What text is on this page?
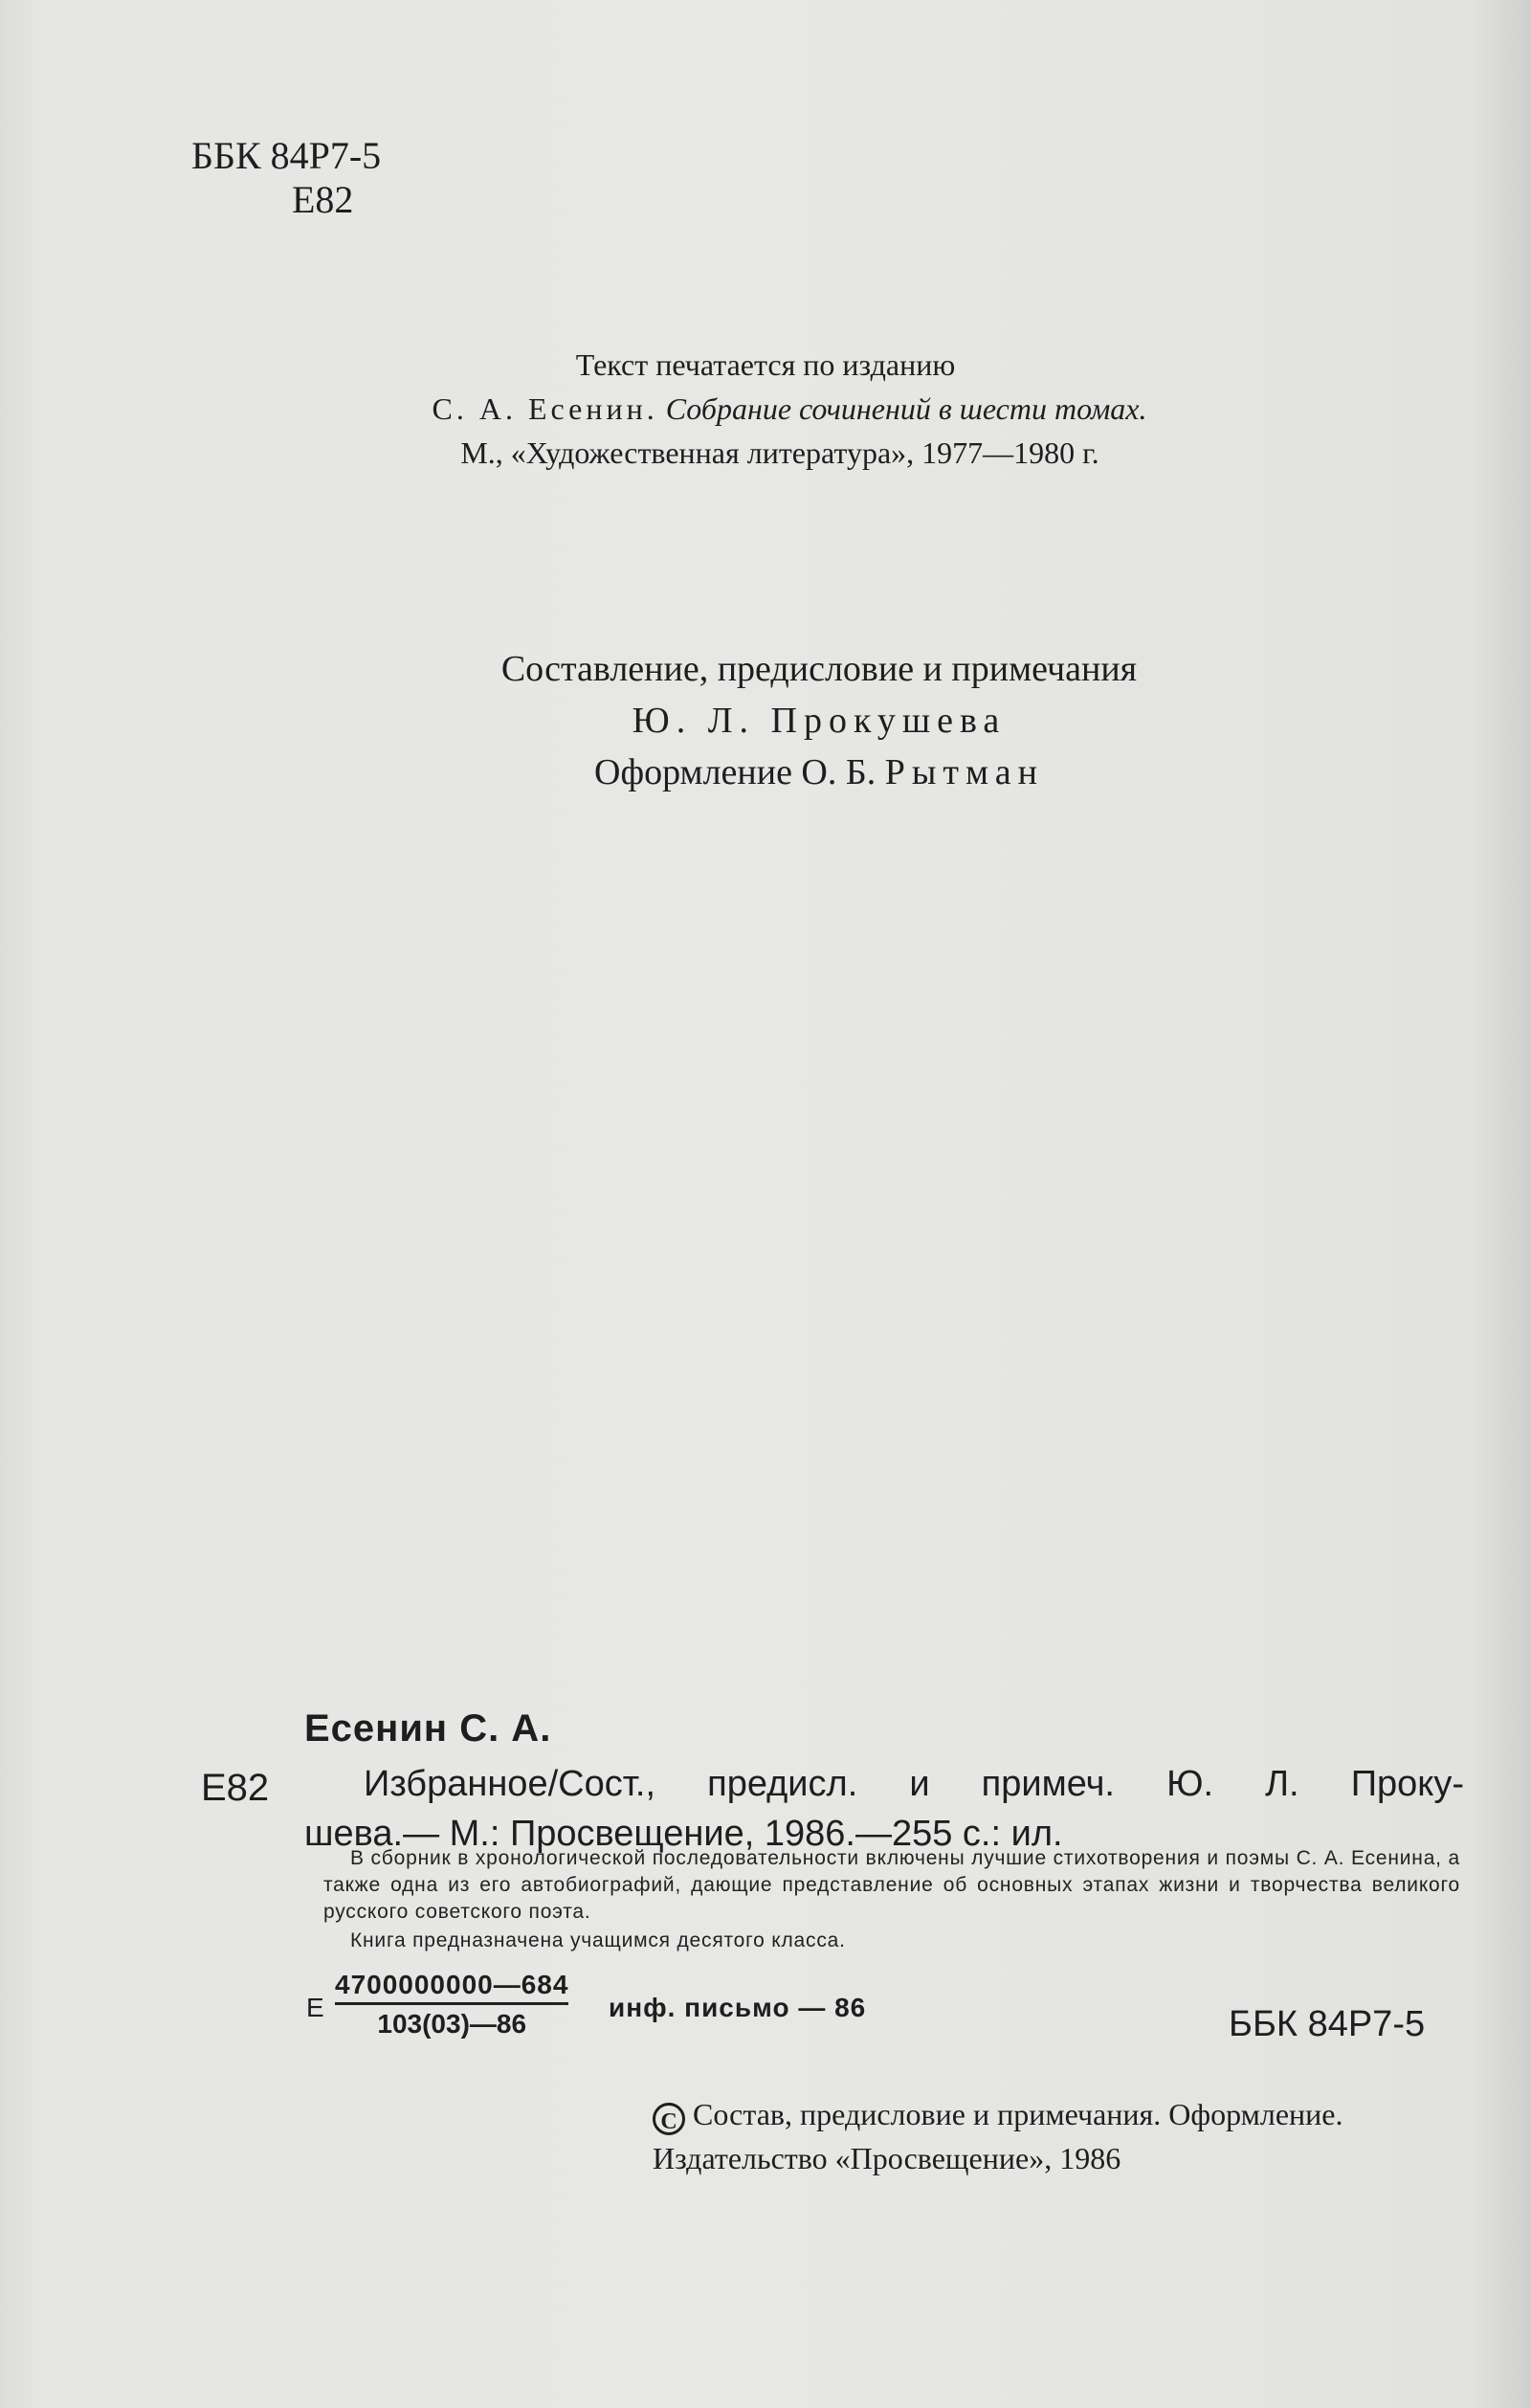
ББК 84Р7-5
Е82
Текст печатается по изданию
С. А. Есенин. Собрание сочинений в шести томах.
М., «Художественная литература», 1977—1980 г.
Составление, предисловие и примечания
Ю. Л. Прокушева
Оформление О. Б. Рытман
Есенин С. А.
Е82	Избранное/Сост., предисл. и примеч. Ю. Л. Проку-
шева.— М.: Просвещение, 1986.—255 с.: ил.
В сборник в хронологической последовательности включены лучшие стихотворения и поэмы С. А. Есенина, а также одна из его автобиографий, дающие представление об основных этапах жизни и творчества великого русского советского поэта.
Книга предназначена учащимся десятого класса.
Е $\frac{4700000000—684}{103(03)—86}$ инф. письмо — 86	ББК 84Р7-5
C Состав, предисловие и примечания. Оформление.
Издательство «Просвещение», 1986
